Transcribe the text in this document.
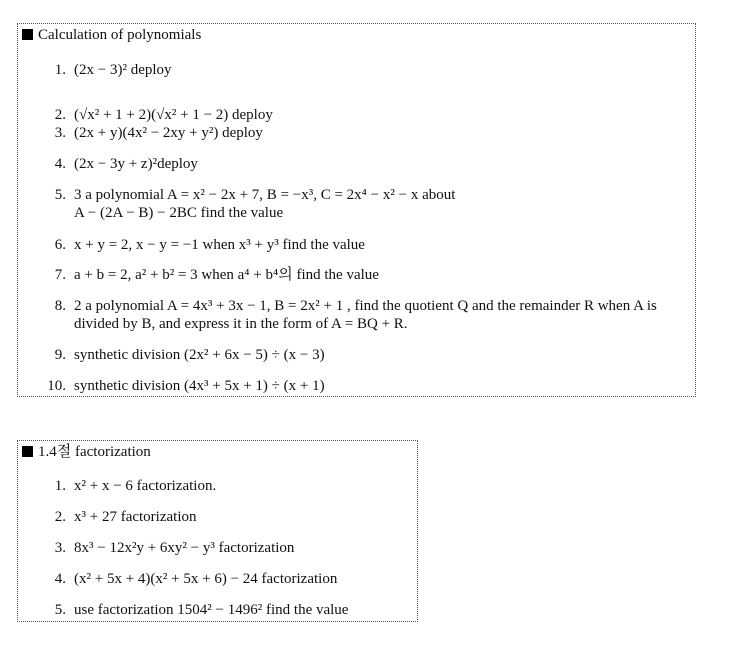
Calculation of polynomials
1. (2x − 3)² deploy
2. (√x² + 1 + 2)(√x² + 1 − 2) deploy
3. (2x + y)(4x² − 2xy + y²) deploy
4. (2x − 3y + z)²deploy
5. 3 a polynomial A = x² − 2x + 7, B = −x³, C = 2x⁴ − x² − x about
A − (2A − B) − 2BC find the value
6. x + y = 2, x − y = −1 when x³ + y³ find the value
7. a + b = 2, a² + b² = 3 when a⁴ + b⁴의 find the value
8. 2 a polynomial A = 4x³ + 3x − 1, B = 2x² + 1 , find the quotient Q and the remainder R when A is
divided by B, and express it in the form of A = BQ + R.
9. synthetic division (2x² + 6x − 5) ÷ (x − 3)
10. synthetic division (4x³ + 5x + 1) ÷ (x + 1)
1.4절 factorization
1. x² + x − 6 factorization.
2. x³ + 27 factorization
3. 8x³ − 12x²y + 6xy² − y³ factorization
4. (x² + 5x + 4)(x² + 5x + 6) − 24 factorization
5. use factorization 1504² − 1496² find the value
